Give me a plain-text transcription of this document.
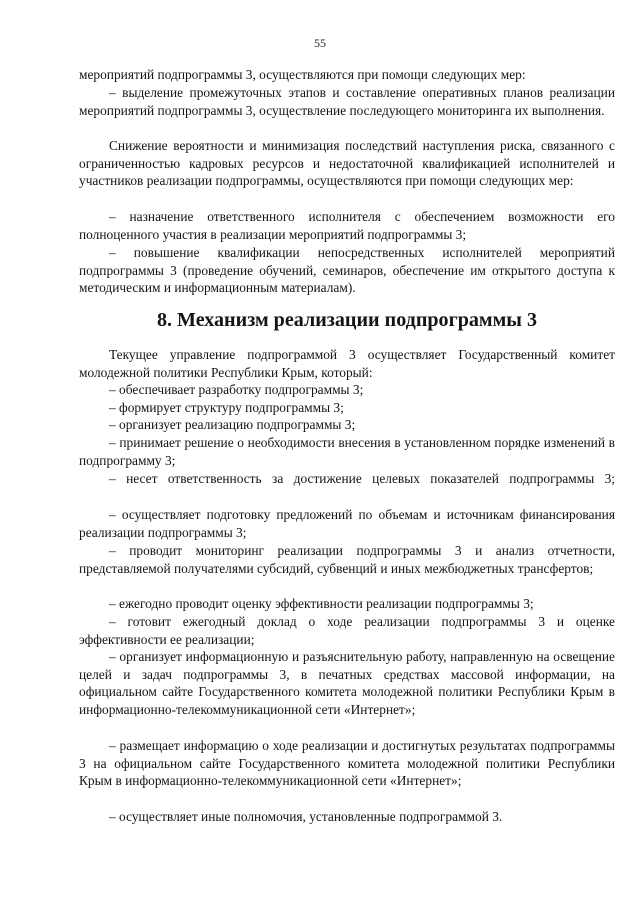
55

мероприятий подпрограммы 3, осуществляются при помощи следующих мер:

– выделение промежуточных этапов и составление оперативных планов реализации мероприятий подпрограммы 3, осуществление последующего мониторинга их выполнения.

Снижение вероятности и минимизация последствий наступления риска, связанного с ограниченностью кадровых ресурсов и недостаточной квалификацией исполнителей и участников реализации подпрограммы, осуществляются при помощи следующих мер:

– назначение ответственного исполнителя с обеспечением возможности его полноценного участия в реализации мероприятий подпрограммы 3;

– повышение квалификации непосредственных исполнителей мероприятий подпрограммы 3 (проведение обучений, семинаров, обеспечение им открытого доступа к методическим и информационным материалам).

8. Механизм реализации подпрограммы 3

Текущее управление подпрограммой 3 осуществляет Государственный комитет молодежной политики Республики Крым, который:

– обеспечивает разработку подпрограммы 3;

– формирует структуру подпрограммы 3;

– организует реализацию подпрограммы 3;

– принимает решение о необходимости внесения в установленном порядке изменений в подпрограмму 3;

– несет ответственность за достижение целевых показателей подпрограммы 3;

– осуществляет подготовку предложений по объемам и источникам финансирования реализации подпрограммы 3;

– проводит мониторинг реализации подпрограммы 3 и анализ отчетности, представляемой получателями субсидий, субвенций и иных межбюджетных трансфертов;

– ежегодно проводит оценку эффективности реализации подпрограммы 3;

– готовит ежегодный доклад о ходе реализации подпрограммы 3 и оценке эффективности ее реализации;

– организует информационную и разъяснительную работу, направленную на освещение целей и задач подпрограммы 3, в печатных средствах массовой информации, на официальном сайте Государственного комитета молодежной политики Республики Крым в информационно-телекоммуникационной сети «Интернет»;

– размещает информацию о ходе реализации и достигнутых результатах подпрограммы 3 на официальном сайте Государственного комитета молодежной политики Республики Крым в информационно-телекоммуникационной сети «Интернет»;

– осуществляет иные полномочия, установленные подпрограммой 3.
